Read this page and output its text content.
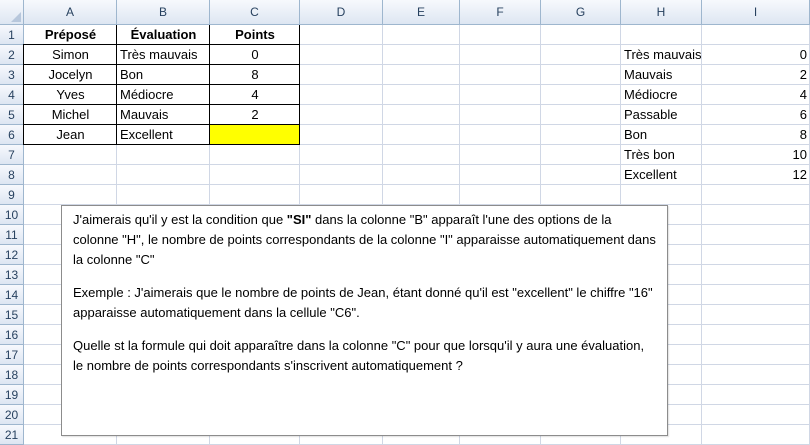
A	B	C	D	E	F	G	H	I
1
2
3
4
5
6
7
8
9
10
11
12
13
14
15
16
17
18
19
20
21
Préposé	Évaluation	Points
Simon	Très mauvais	0
Jocelyn	Bon	8
Yves	Médiocre	4
Michel	Mauvais	2
Jean	Excellent
Très mauvais	0
Mauvais	2
Médiocre	4
Passable	6
Bon	8
Très bon	10
Excellent	12

J'aimerais qu'il y est la condition que "SI" dans la colonne "B" apparaît l'une des options de la colonne "H", le nombre de points correspondants de la colonne "I" apparaisse automatiquement dans la colonne "C"

Exemple : J'aimerais que le nombre de points de Jean, étant donné qu'il est "excellent" le chiffre "16" apparaisse automatiquement dans la cellule "C6".

Quelle st la formule qui doit apparaître dans la colonne "C" pour que lorsqu'il y aura une évaluation, le nombre de points correspondants s'inscrivent automatiquement ?
